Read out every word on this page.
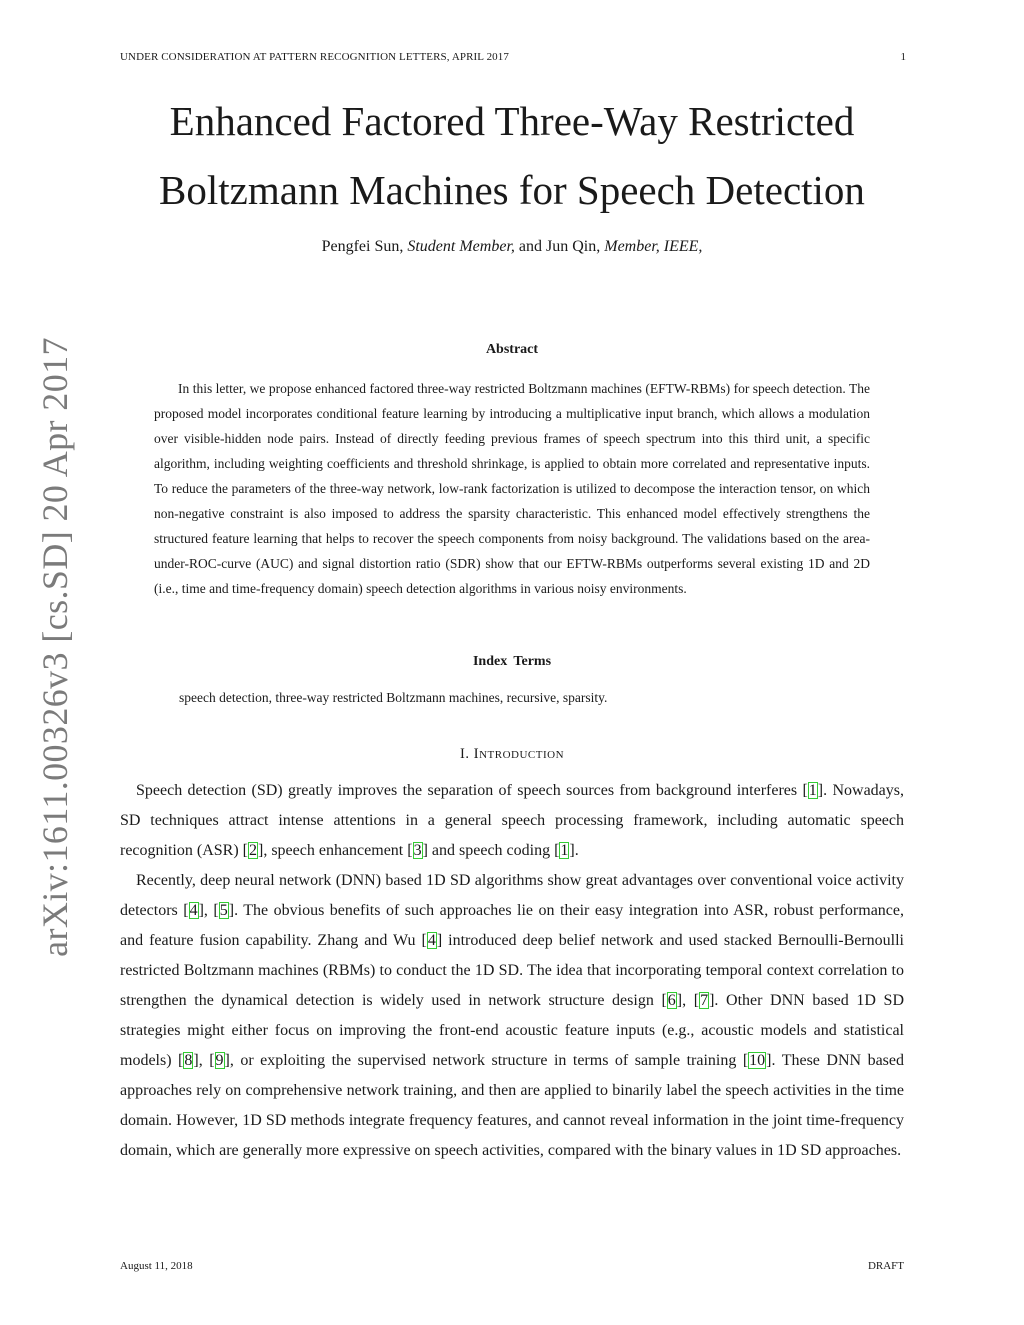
UNDER CONSIDERATION AT PATTERN RECOGNITION LETTERS, APRIL 2017	1
arXiv:1611.00326v3 [cs.SD] 20 Apr 2017
Enhanced Factored Three-Way Restricted
Boltzmann Machines for Speech Detection
Pengfei Sun, Student Member, and Jun Qin, Member, IEEE,
Abstract

In this letter, we propose enhanced factored three-way restricted Boltzmann machines (EFTW-RBMs) for speech detection. The proposed model incorporates conditional feature learning by introducing a multiplicative input branch, which allows a modulation over visible-hidden node pairs. Instead of directly feeding previous frames of speech spectrum into this third unit, a specific algorithm, including weighting coefficients and threshold shrinkage, is applied to obtain more correlated and representative inputs. To reduce the parameters of the three-way network, low-rank factorization is utilized to decompose the interaction tensor, on which non-negative constraint is also imposed to address the sparsity characteristic. This enhanced model effectively strengthens the structured feature learning that helps to recover the speech components from noisy background. The validations based on the area-under-ROC-curve (AUC) and signal distortion ratio (SDR) show that our EFTW-RBMs outperforms several existing 1D and 2D (i.e., time and time-frequency domain) speech detection algorithms in various noisy environments.

Index Terms
speech detection, three-way restricted Boltzmann machines, recursive, sparsity.
I. Introduction

Speech detection (SD) greatly improves the separation of speech sources from background interferes [1]. Nowadays, SD techniques attract intense attentions in a general speech processing framework, including automatic speech recognition (ASR) [2], speech enhancement [3] and speech coding [1].

Recently, deep neural network (DNN) based 1D SD algorithms show great advantages over conventional voice activity detectors [4], [5]. The obvious benefits of such approaches lie on their easy integration into ASR, robust performance, and feature fusion capability. Zhang and Wu [4] introduced deep belief network and used stacked Bernoulli-Bernoulli restricted Boltzmann machines (RBMs) to conduct the 1D SD. The idea that incorporating temporal context correlation to strengthen the dynamical detection is widely used in network structure design [6], [7]. Other DNN based 1D SD strategies might either focus on improving the front-end acoustic feature inputs (e.g., acoustic models and statistical models) [8], [9], or exploiting the supervised network structure in terms of sample training [10]. These DNN based approaches rely on comprehensive network training, and then are applied to binarily label the speech activities in the time domain. However, 1D SD methods integrate frequency features, and cannot reveal information in the joint time-frequency domain, which are generally more expressive on speech activities, compared with the binary values in 1D SD approaches.

August 11, 2018	DRAFT
